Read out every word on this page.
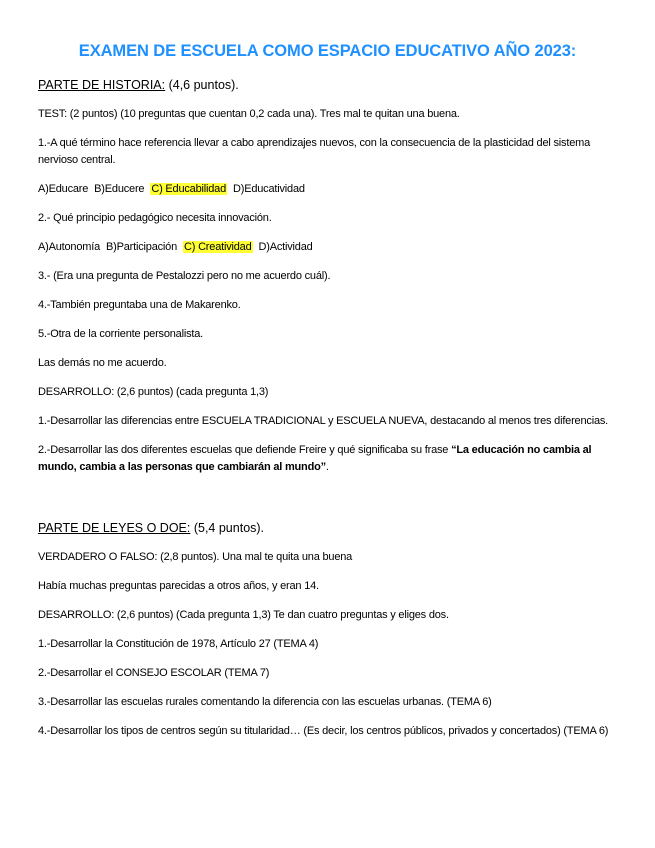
EXAMEN DE ESCUELA COMO ESPACIO EDUCATIVO AÑO 2023:

PARTE DE HISTORIA: (4,6 puntos).

TEST: (2 puntos) (10 preguntas que cuentan 0,2 cada una). Tres mal te quitan una buena.

1.-A qué término hace referencia llevar a cabo aprendizajes nuevos, con la consecuencia de la plasticidad del sistema nervioso central.

A)Educare B)Educere C) Educabilidad D)Educatividad

2.- Qué principio pedagógico necesita innovación.

A)Autonomía B)Participación C) Creatividad D)Actividad

3.- (Era una pregunta de Pestalozzi pero no me acuerdo cuál).

4.-También preguntaba una de Makarenko.

5.-Otra de la corriente personalista.

Las demás no me acuerdo.

DESARROLLO: (2,6 puntos) (cada pregunta 1,3)

1.-Desarrollar las diferencias entre ESCUELA TRADICIONAL y ESCUELA NUEVA, destacando al menos tres diferencias.

2.-Desarrollar las dos diferentes escuelas que defiende Freire y qué significaba su frase “La educación no cambia al mundo, cambia a las personas que cambiarán al mundo”.

PARTE DE LEYES O DOE: (5,4 puntos).

VERDADERO O FALSO: (2,8 puntos). Una mal te quita una buena

Había muchas preguntas parecidas a otros años, y eran 14.

DESARROLLO: (2,6 puntos) (Cada pregunta 1,3) Te dan cuatro preguntas y eliges dos.

1.-Desarrollar la Constitución de 1978, Artículo 27 (TEMA 4)

2.-Desarrollar el CONSEJO ESCOLAR (TEMA 7)

3.-Desarrollar las escuelas rurales comentando la diferencia con las escuelas urbanas. (TEMA 6)

4.-Desarrollar los tipos de centros según su titularidad… (Es decir, los centros públicos, privados y concertados) (TEMA 6)
